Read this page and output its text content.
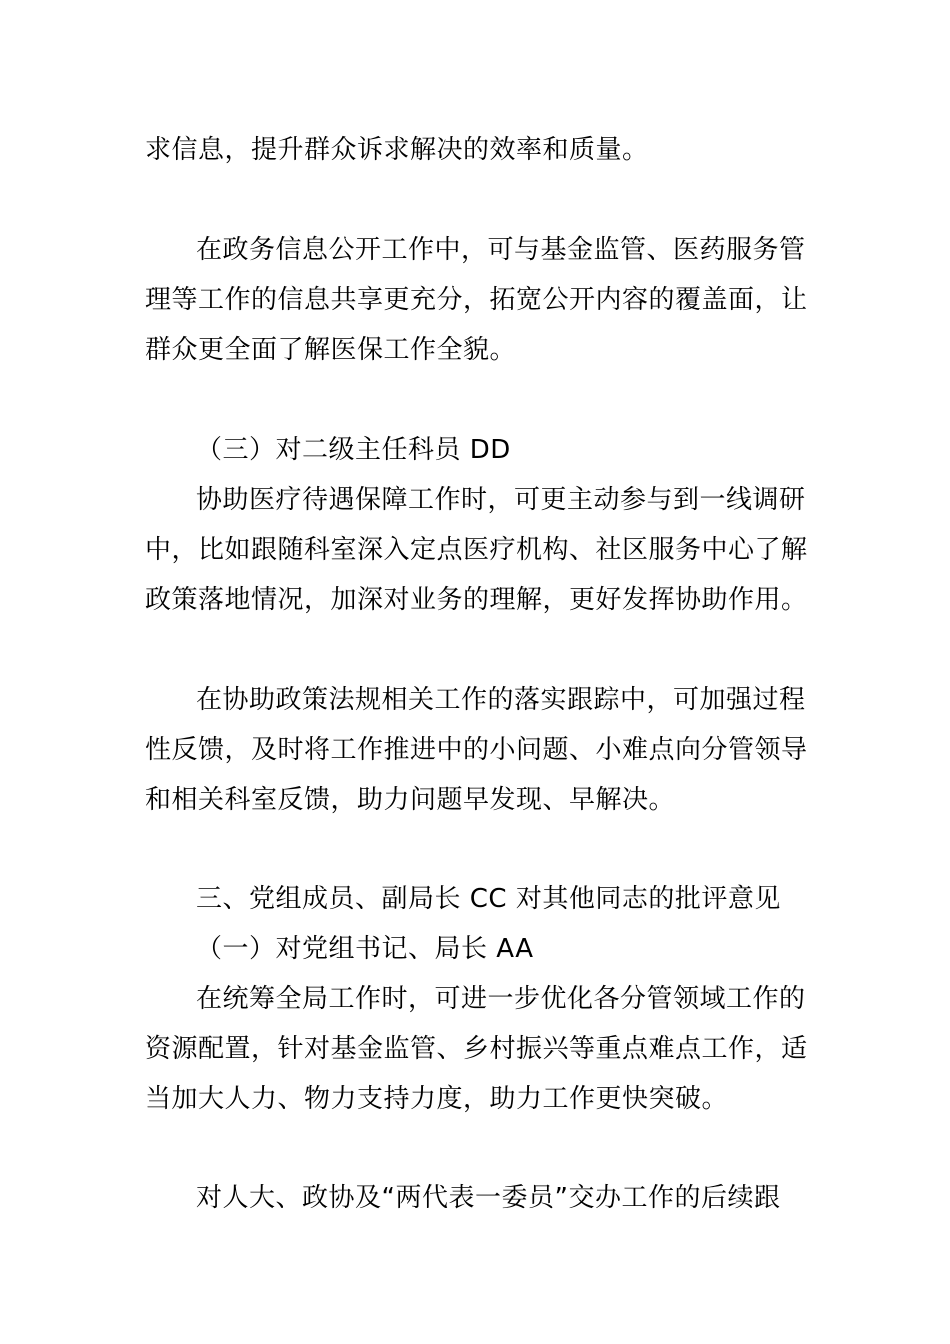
求信息，提升群众诉求解决的效率和质量。
在政务信息公开工作中，可与基金监管、医药服务管
理等工作的信息共享更充分，拓宽公开内容的覆盖面，让
群众更全面了解医保工作全貌。
（三）对二级主任科员 DD
协助医疗待遇保障工作时，可更主动参与到一线调研
中，比如跟随科室深入定点医疗机构、社区服务中心了解
政策落地情况，加深对业务的理解，更好发挥协助作用。
在协助政策法规相关工作的落实跟踪中，可加强过程
性反馈，及时将工作推进中的小问题、小难点向分管领导
和相关科室反馈，助力问题早发现、早解决。
三、党组成员、副局长 CC 对其他同志的批评意见
（一）对党组书记、局长 AA
在统筹全局工作时，可进一步优化各分管领域工作的
资源配置，针对基金监管、乡村振兴等重点难点工作，适
当加大人力、物力支持力度，助力工作更快突破。
对人大、政协及“两代表一委员”交办工作的后续跟
